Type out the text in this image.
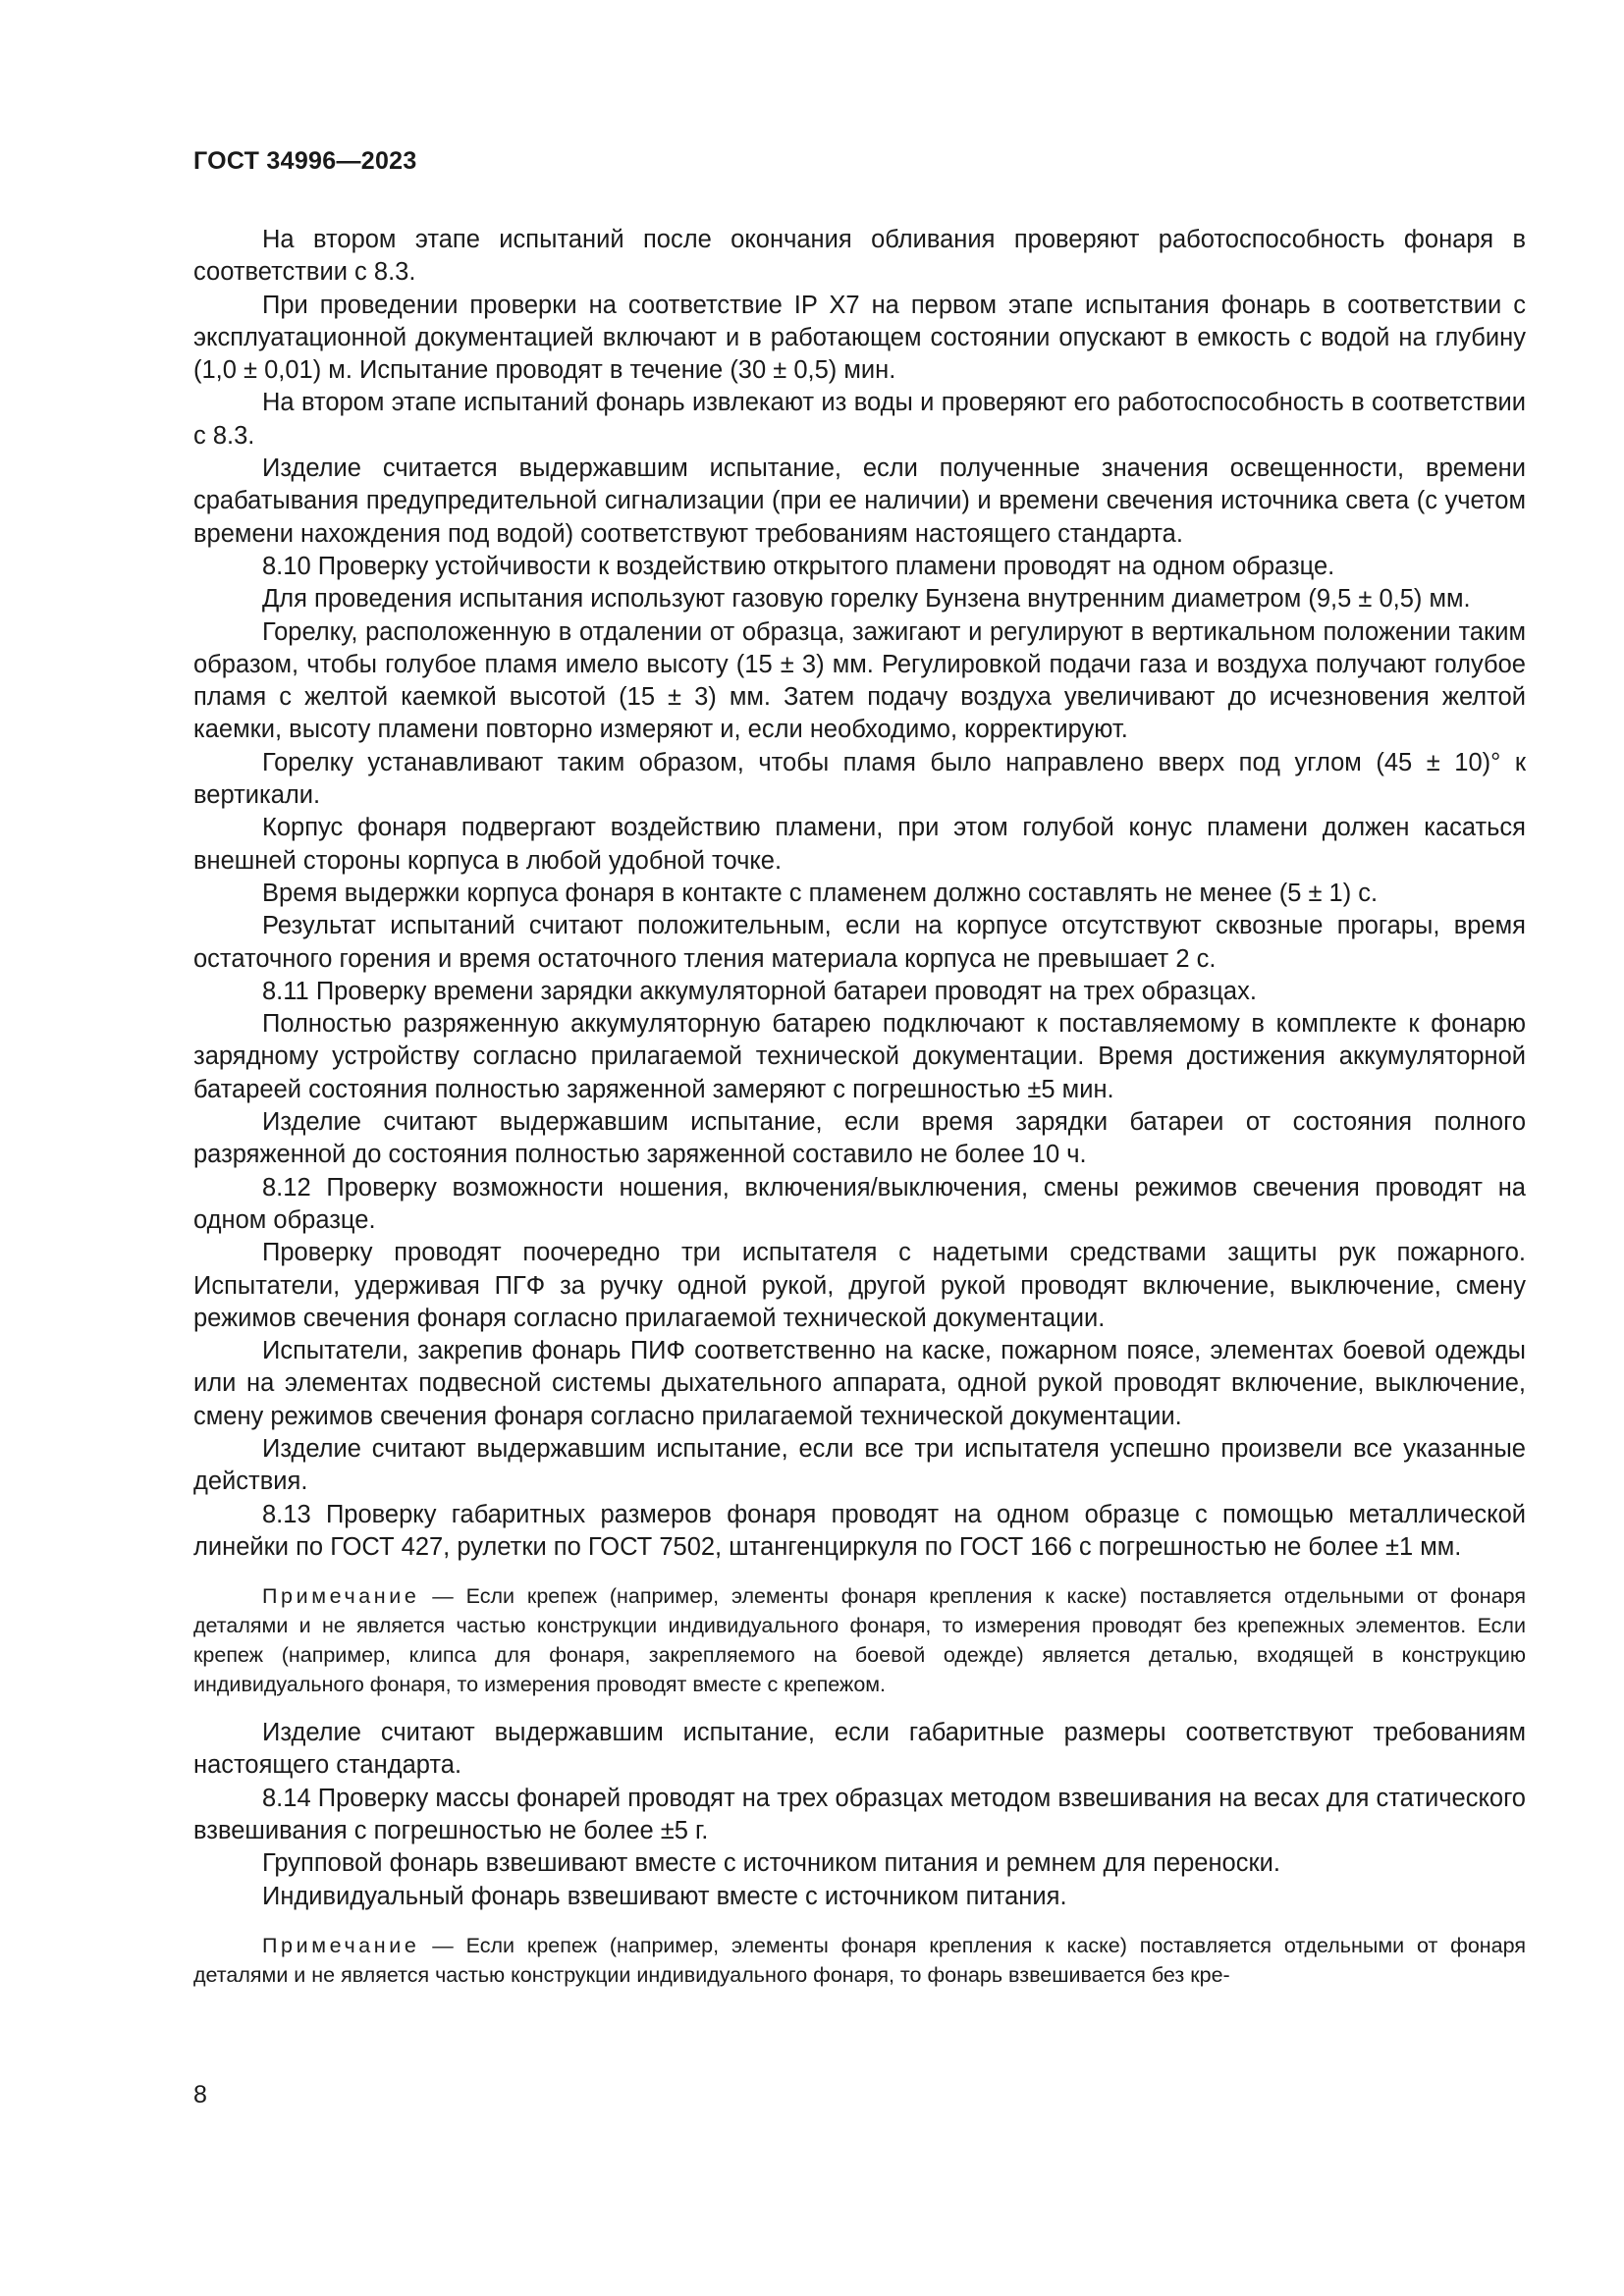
ГОСТ 34996—2023

На втором этапе испытаний после окончания обливания проверяют работоспособность фонаря в соответствии с 8.3.

При проведении проверки на соответствие IP X7 на первом этапе испытания фонарь в соответствии с эксплуатационной документацией включают и в работающем состоянии опускают в емкость с водой на глубину (1,0 ± 0,01) м. Испытание проводят в течение (30 ± 0,5) мин.

На втором этапе испытаний фонарь извлекают из воды и проверяют его работоспособность в соответствии с 8.3.

Изделие считается выдержавшим испытание, если полученные значения освещенности, времени срабатывания предупредительной сигнализации (при ее наличии) и времени свечения источника света (с учетом времени нахождения под водой) соответствуют требованиям настоящего стандарта.

8.10 Проверку устойчивости к воздействию открытого пламени проводят на одном образце.

Для проведения испытания используют газовую горелку Бунзена внутренним диаметром (9,5 ± 0,5) мм.

Горелку, расположенную в отдалении от образца, зажигают и регулируют в вертикальном положении таким образом, чтобы голубое пламя имело высоту (15 ± 3) мм. Регулировкой подачи газа и воздуха получают голубое пламя с желтой каемкой высотой (15 ± 3) мм. Затем подачу воздуха увеличивают до исчезновения желтой каемки, высоту пламени повторно измеряют и, если необходимо, корректируют.

Горелку устанавливают таким образом, чтобы пламя было направлено вверх под углом (45 ± 10)° к вертикали.

Корпус фонаря подвергают воздействию пламени, при этом голубой конус пламени должен касаться внешней стороны корпуса в любой удобной точке.

Время выдержки корпуса фонаря в контакте с пламенем должно составлять не менее (5 ± 1) с.

Результат испытаний считают положительным, если на корпусе отсутствуют сквозные прогары, время остаточного горения и время остаточного тления материала корпуса не превышает 2 с.

8.11 Проверку времени зарядки аккумуляторной батареи проводят на трех образцах.

Полностью разряженную аккумуляторную батарею подключают к поставляемому в комплекте к фонарю зарядному устройству согласно прилагаемой технической документации. Время достижения аккумуляторной батареей состояния полностью заряженной замеряют с погрешностью ±5 мин.

Изделие считают выдержавшим испытание, если время зарядки батареи от состояния полного разряженной до состояния полностью заряженной составило не более 10 ч.

8.12 Проверку возможности ношения, включения/выключения, смены режимов свечения проводят на одном образце.

Проверку проводят поочередно три испытателя с надетыми средствами защиты рук пожарного. Испытатели, удерживая ПГФ за ручку одной рукой, другой рукой проводят включение, выключение, смену режимов свечения фонаря согласно прилагаемой технической документации.

Испытатели, закрепив фонарь ПИФ соответственно на каске, пожарном поясе, элементах боевой одежды или на элементах подвесной системы дыхательного аппарата, одной рукой проводят включение, выключение, смену режимов свечения фонаря согласно прилагаемой технической документации.

Изделие считают выдержавшим испытание, если все три испытателя успешно произвели все указанные действия.

8.13 Проверку габаритных размеров фонаря проводят на одном образце с помощью металлической линейки по ГОСТ 427, рулетки по ГОСТ 7502, штангенциркуля по ГОСТ 166 с погрешностью не более ±1 мм.

Примечание — Если крепеж (например, элементы фонаря крепления к каске) поставляется отдельными от фонаря деталями и не является частью конструкции индивидуального фонаря, то измерения проводят без крепежных элементов. Если крепеж (например, клипса для фонаря, закрепляемого на боевой одежде) является деталью, входящей в конструкцию индивидуального фонаря, то измерения проводят вместе с крепежом.

Изделие считают выдержавшим испытание, если габаритные размеры соответствуют требованиям настоящего стандарта.

8.14 Проверку массы фонарей проводят на трех образцах методом взвешивания на весах для статического взвешивания с погрешностью не более ±5 г.

Групповой фонарь взвешивают вместе с источником питания и ремнем для переноски.

Индивидуальный фонарь взвешивают вместе с источником питания.

Примечание — Если крепеж (например, элементы фонаря крепления к каске) поставляется отдельными от фонаря деталями и не является частью конструкции индивидуального фонаря, то фонарь взвешивается без кре-

8
